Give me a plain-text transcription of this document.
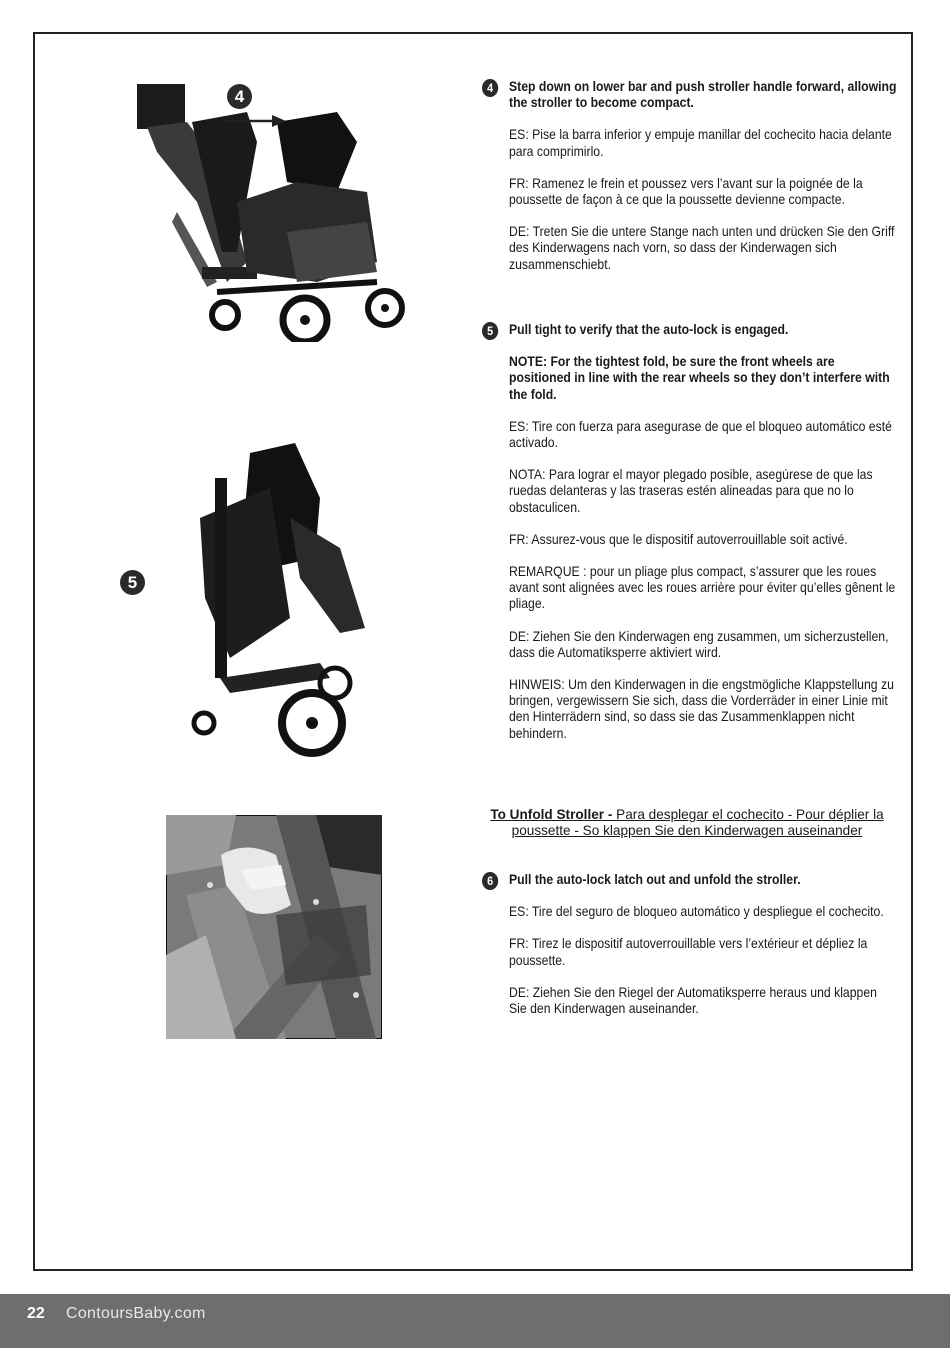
4
5
4	Step down on lower bar and push stroller handle forward, allowing the stroller to become compact.

ES: Pise la barra inferior y empuje manillar del cochecito hacia delante para comprimirlo.

FR: Ramenez le frein et poussez vers l’avant sur la poignée de la poussette de façon à ce que la poussette devienne compacte.

DE: Treten Sie die untere Stange nach unten und drücken Sie den Griff des Kinderwagens nach vorn, so dass der Kinderwagen sich zusammenschiebt.

5	Pull tight to verify that the auto-lock is engaged.

NOTE: For the tightest fold, be sure the front wheels are positioned in line with the rear wheels so they don’t interfere with the fold.

ES: Tire con fuerza para asegurase de que el bloqueo automático esté activado.

NOTA: Para lograr el mayor plegado posible, asegúrese de que las ruedas delanteras y las traseras estén alineadas para que no lo obstaculicen.

FR: Assurez-vous que le dispositif autoverrouillable soit activé.

REMARQUE : pour un pliage plus compact, s’assurer que les roues avant sont alignées avec les roues arrière pour éviter qu’elles gênent le pliage.

DE: Ziehen Sie den Kinderwagen eng zusammen, um sicherzustellen, dass die Automatiksperre aktiviert wird.

HINWEIS: Um den Kinderwagen in die engstmögliche Klappstellung zu bringen, vergewissern Sie sich, dass die Vorderräder in einer Linie mit den Hinterrädern sind, so dass sie das Zusammenklappen nicht behindern.

To Unfold Stroller - Para desplegar el cochecito - Pour déplier la poussette - So klappen Sie den Kinderwagen auseinander
6	Pull the auto-lock latch out and unfold the stroller.

ES: Tire del seguro de bloqueo automático y despliegue el cochecito.

FR: Tirez le dispositif autoverrouillable vers l’extérieur et dépliez la poussette.

DE: Ziehen Sie den Riegel der Automatiksperre heraus und klappen Sie den Kinderwagen auseinander.

22 ContoursBaby.com
